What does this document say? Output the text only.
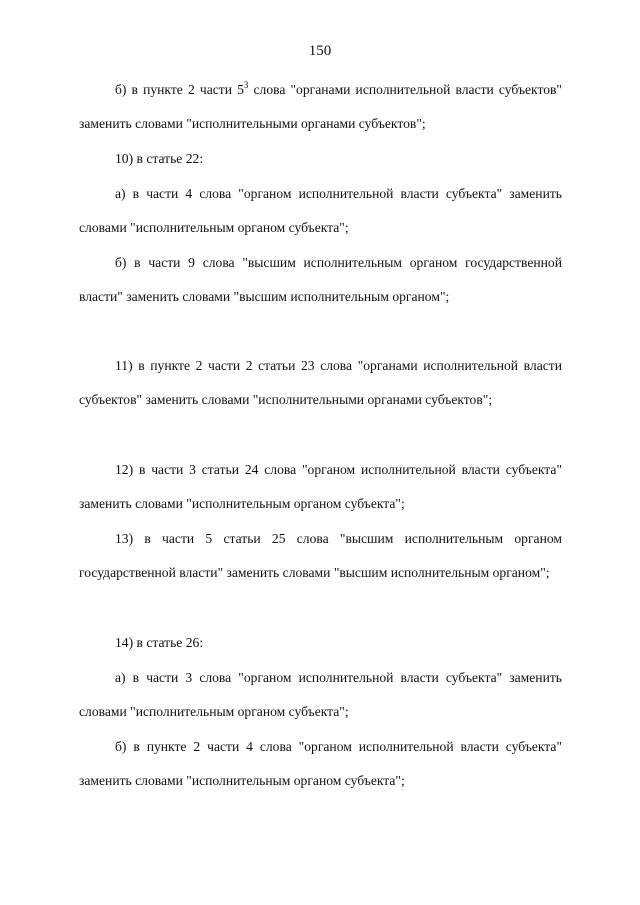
150

б) в пункте 2 части $5^3$ слова "органами исполнительной власти субъектов" заменить словами "исполнительными органами субъектов";

10) в статье 22:

а) в части 4 слова "органом исполнительной власти субъекта" заменить словами "исполнительным органом субъекта";

б) в части 9 слова "высшим исполнительным органом государственной власти" заменить словами "высшим исполнительным органом";

11) в пункте 2 части 2 статьи 23 слова "органами исполнительной власти субъектов" заменить словами "исполнительными органами субъектов";

12) в части 3 статьи 24 слова "органом исполнительной власти субъекта" заменить словами "исполнительным органом субъекта";

13) в части 5 статьи 25 слова "высшим исполнительным органом государственной власти" заменить словами "высшим исполнительным органом";

14) в статье 26:

а) в части 3 слова "органом исполнительной власти субъекта" заменить словами "исполнительным органом субъекта";

б) в пункте 2 части 4 слова "органом исполнительной власти субъекта" заменить словами "исполнительным органом субъекта";
